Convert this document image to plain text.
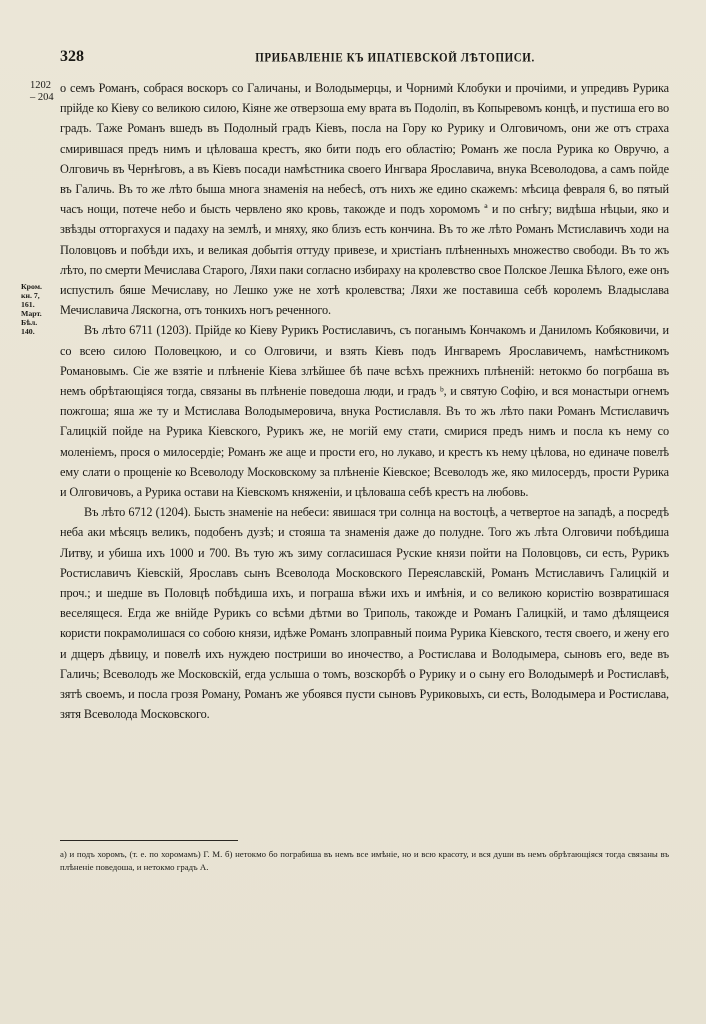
328	ПРИБАВЛЕНІЕ КЪ ИПАТІЕВСКОЙ ЛѢТОПИСИ.
1202
– 204
Кром.
кн. 7,
161.
Март.
Бѣл.
140.

о семъ Романъ, собрася воскоръ со Галичаны, и Володымерцы, и Чорнимѝ Клобуки и прочіими, и упредивъ Рурика прійде ко Кіеву со великою силою, Кіяне же отверзоша ему врата въ Подоліп, въ Копыревомъ концѣ, и пустиша его во градъ. Таже Романъ вшедъ въ Подолный градъ Кіевъ, посла на Гору ко Рурику и Олговичомъ, они же отъ страха смирившася предъ нимъ и цѣловаша крестъ, яко бити подъ его областію; Романъ же посла Рурика ко Овручю, а Олговичь въ Чернѣговъ, а въ Кіевъ посади намѣстника своего Ингвара Ярославича, внука Всеволодова, а самъ пойде въ Галичь. Въ то же лѣто быша многа знаменія на небесѣ, отъ нихъ же едино скажемъ: мѣсица февраля 6, во пятый часъ нощи, потече небо и бысть червлено яко кровь, такожде и подъ хоромомъ ª и по снѣгу; видѣша нѣцыи, яко и звѣзды отторгахуся и падаху на землѣ, и мняху, яко близъ есть кончина. Въ то же лѣто Романъ Мстиславичъ ходи на Половцовъ и побѣди ихъ, и великая добытія оттуду привезе, и христіанъ плѣненныхъ множество свободи. Въ то жъ лѣто, по смерти Мечислава Старого, Ляхи паки согласно избираху на кролевство свое Полское Лешка Бѣлого, еже онъ испустилъ бяше Мечиславу, но Лешко уже не хотѣ кролевства; Ляхи же поставиша себѣ королемъ Владыслава Мечиславича Ляскогна, отъ тонкихъ ногъ реченного.

Въ лѣто 6711 (1203). Прійде ко Кіеву Рурикъ Ростиславичъ, съ поганымъ Кончакомъ и Даниломъ Кобяковичи, и со всею силою Половецкою, и со Олговичи, и взять Кіевъ подъ Ингваремъ Ярославичемъ, намѣстникомъ Романовымъ. Сіе же взятіе и плѣненіе Кіева злѣйшее бѣ паче всѣхъ прежнихъ плѣненій: нетокмо бо погрбаша въ немъ обрѣтающіяся тогда, связаны въ плѣненіе поведоша люди, и градъ ᵇ, и святую Софію, и вся монастыри огнемъ пожгоша; яша же ту и Мстислава Володымеровича, внука Ростиславля. Въ то жъ лѣто паки Романъ Мстиславичъ Галицкій пойде на Рурика Кіевского, Рурикъ же, не могій ему стати, смирися предъ нимъ и посла къ нему со моленіемъ, прося о милосердіе; Романъ же аще и прости его, но лукаво, и крестъ къ нему цѣлова, но единаче повелѣ ему слати о прощеніе ко Всеволоду Московскому за плѣненіе Кіевское; Всеволодъ же, яко милосердъ, прости Рурика и Олговичовъ, а Рурика остави на Кіевскомъ княженіи, и цѣловаша себѣ крестъ на любовь.

Въ лѣто 6712 (1204). Бысть знаменіе на небеси: явишася три солнца на востоцѣ, а четвертое на западѣ, а посредѣ неба аки мѣсяцъ великъ, подобенъ дузѣ; и стояша та знаменія даже до полудне. Того жъ лѣта Олговичи побѣдиша Литву, и убиша ихъ 1000 и 700. Въ тую жъ зиму согласишася Руские князи пойти на Половцовъ, си есть, Рурикъ Ростиславичъ Кіевскій, Ярославъ сынъ Всеволода Московского Переяславскій, Романъ Мстиславичъ Галицкій и проч.; и шедше въ Половцѣ побѣдиша ихъ, и пограша вѣжи ихъ и имѣнія, и со великою користію возвратишася веселящеся. Егда же внійде Рурикъ со всѣми дѣтми во Триполь, такожде и Романъ Галицкій, и тамо дѣлящеися користи покрамолишася со собою князи, идѣже Романъ злоправный поима Рурика Кіевского, тестя своего, и жену его и дщеръ дѣвицу, и повелѣ ихъ нуждею постриши во иночество, а Ростислава и Володымера, сыновъ его, веде въ Галичь; Всеволодъ же Московскій, егда услыша о томъ, возскорбѣ о Рурику и о сыну его Володымерѣ и Ростиславѣ, зятѣ своемъ, и посла грозя Роману, Романъ же убоявся пусти сыновъ Руриковыхъ, си есть, Володымера и Ростислава, зятя Всеволода Московского.

а) и подъ хоромъ, (т. е. по хоромамъ) Г. М. б) нетокмо бо пограбиша въ немъ все имѣніе, но и всю красоту, и вся души въ немъ обрѣтающіяся тогда связаны въ плѣненіе поведоша, и нетокмо градъ А.
